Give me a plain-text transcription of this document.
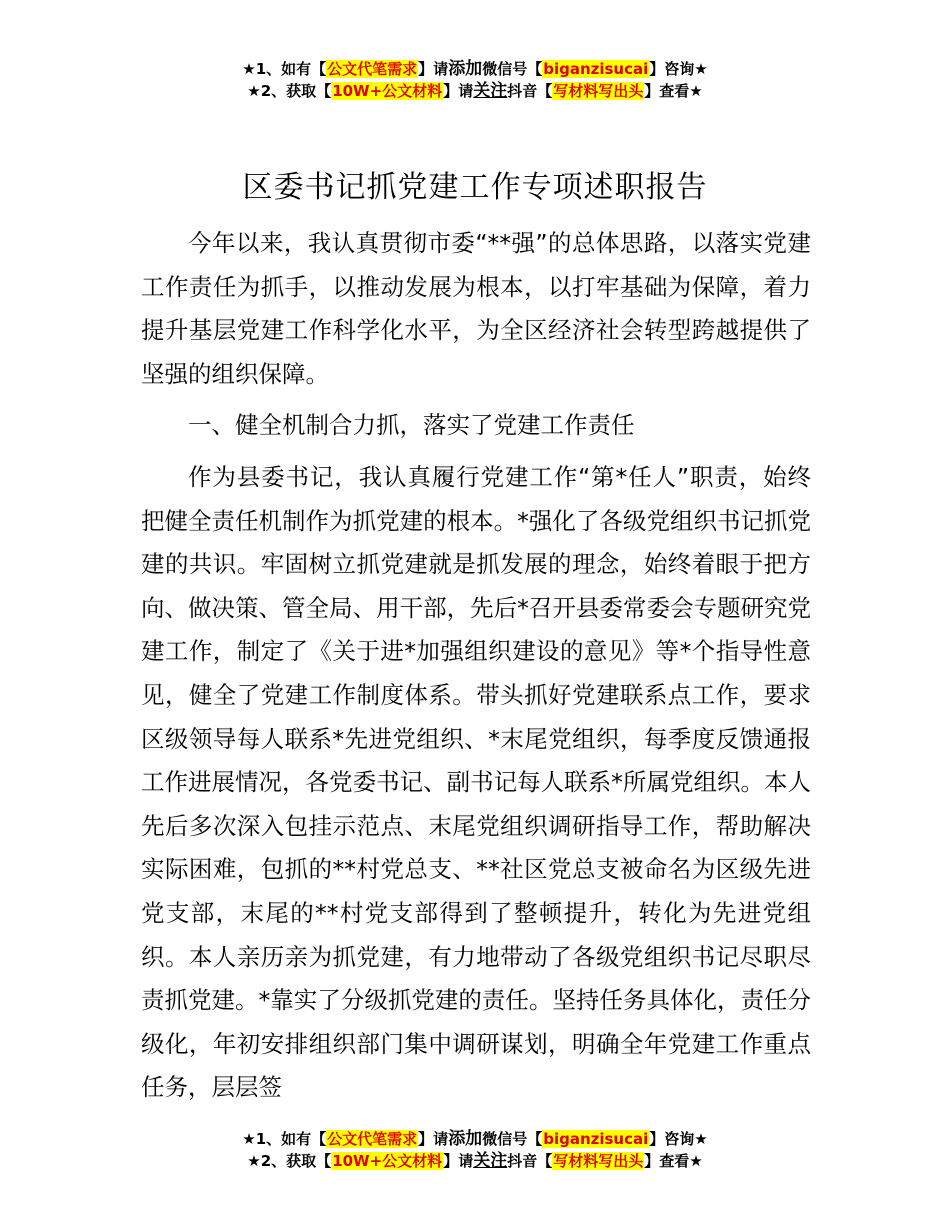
★1、如有【公文代笔需求】请添加微信号【biganzisucai】咨询★
★2、获取【10W+公文材料】请关注抖音【写材料写出头】查看★
区委书记抓党建工作专项述职报告

今年以来，我认真贯彻市委“**强”的总体思路，以落实党建工作责任为抓手，以推动发展为根本，以打牢基础为保障，着力提升基层党建工作科学化水平，为全区经济社会转型跨越提供了坚强的组织保障。

一、健全机制合力抓，落实了党建工作责任

作为县委书记，我认真履行党建工作“第*任人”职责，始终把健全责任机制作为抓党建的根本。*强化了各级党组织书记抓党建的共识。牢固树立抓党建就是抓发展的理念，始终着眼于把方向、做决策、管全局、用干部，先后*召开县委常委会专题研究党建工作，制定了《关于进*加强组织建设的意见》等*个指导性意见，健全了党建工作制度体系。带头抓好党建联系点工作，要求区级领导每人联系*先进党组织、*末尾党组织，每季度反馈通报工作进展情况，各党委书记、副书记每人联系*所属党组织。本人先后多次深入包挂示范点、末尾党组织调研指导工作，帮助解决实际困难，包抓的**村党总支、**社区党总支被命名为区级先进党支部，末尾的**村党支部得到了整顿提升，转化为先进党组织。本人亲历亲为抓党建，有力地带动了各级党组织书记尽职尽责抓党建。*靠实了分级抓党建的责任。坚持任务具体化，责任分级化，年初安排组织部门集中调研谋划，明确全年党建工作重点任务，层层签

★1、如有【公文代笔需求】请添加微信号【biganzisucai】咨询★
★2、获取【10W+公文材料】请关注抖音【写材料写出头】查看★
